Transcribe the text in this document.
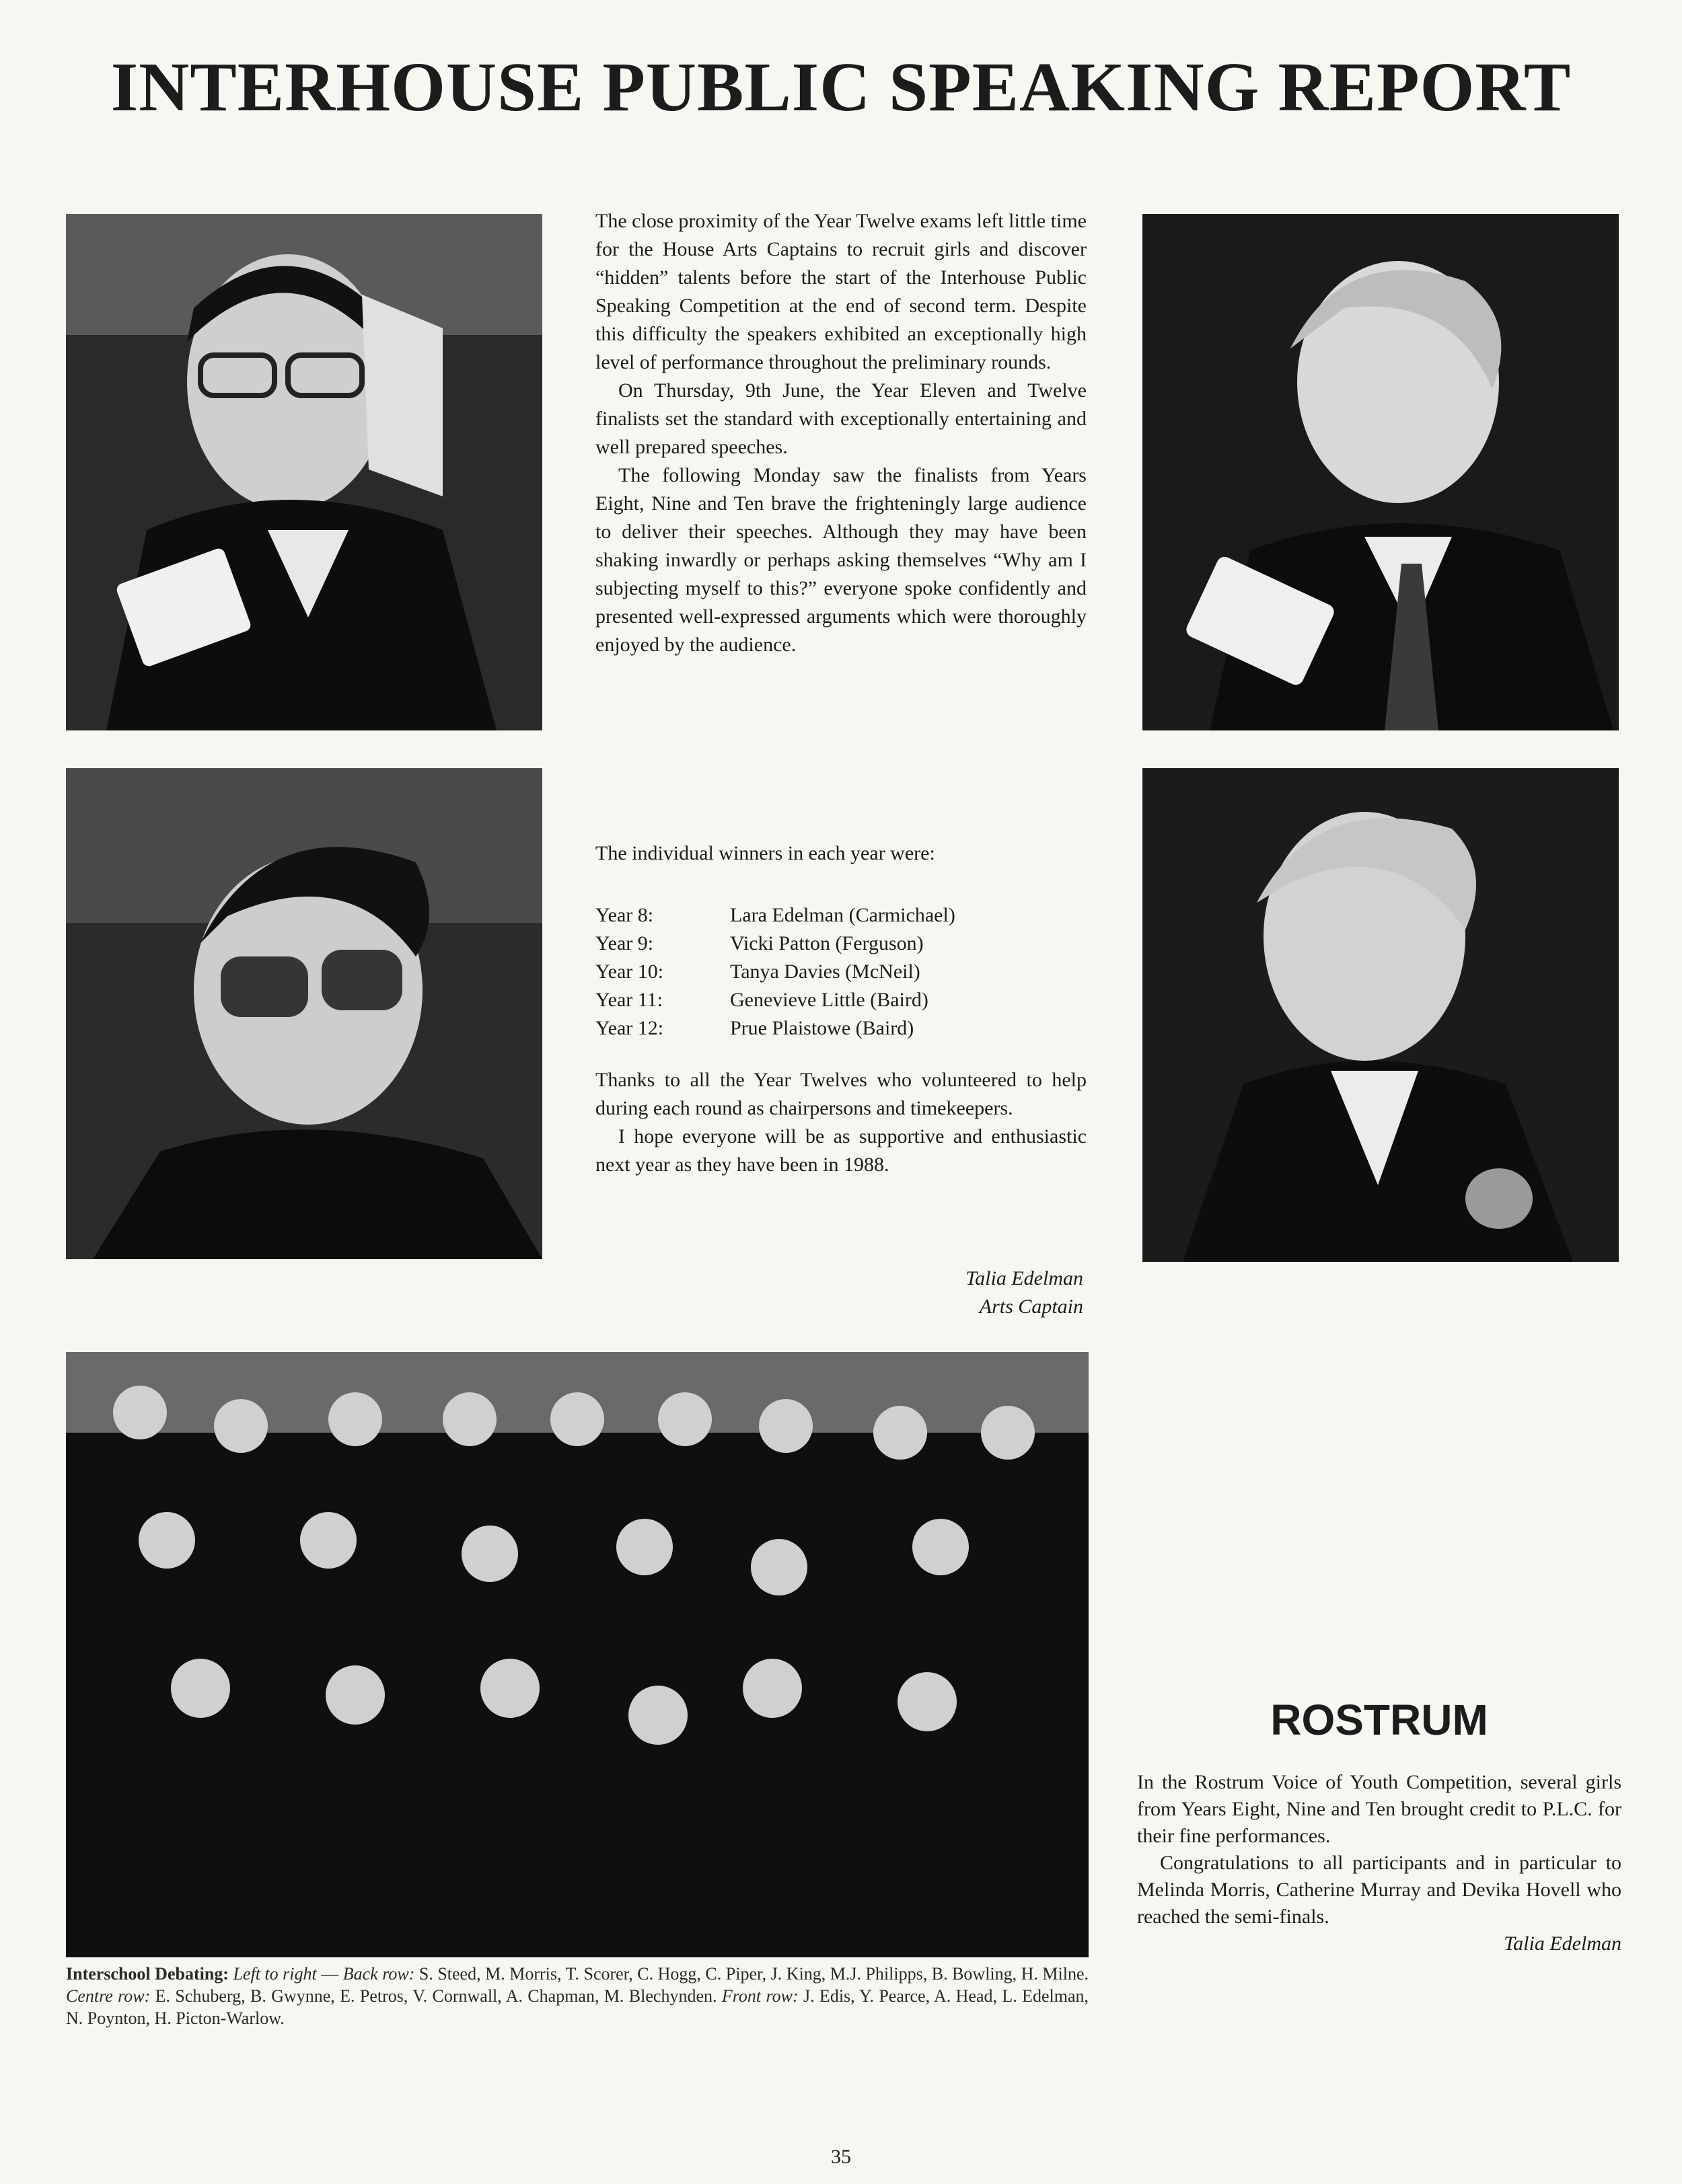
INTERHOUSE PUBLIC SPEAKING REPORT

The close proximity of the Year Twelve exams left little time for the House Arts Captains to recruit girls and discover “hidden” talents before the start of the Interhouse Public Speaking Competition at the end of second term. Despite this difficulty the speakers exhibited an exceptionally high level of performance throughout the preliminary rounds.

On Thursday, 9th June, the Year Eleven and Twelve finalists set the standard with exceptionally entertaining and well prepared speeches.

The following Monday saw the finalists from Years Eight, Nine and Ten brave the frighteningly large audience to deliver their speeches. Although they may have been shaking inwardly or perhaps asking themselves “Why am I subjecting myself to this?” everyone spoke confidently and presented well-expressed arguments which were thoroughly enjoyed by the audience.

The individual winners in each year were:
Year 8:	Lara Edelman (Carmichael)
Year 9:	Vicki Patton (Ferguson)
Year 10:	Tanya Davies (McNeil)
Year 11:	Genevieve Little (Baird)
Year 12:	Prue Plaistowe (Baird)

Thanks to all the Year Twelves who volunteered to help during each round as chairpersons and timekeepers.

I hope everyone will be as supportive and enthusiastic next year as they have been in 1988.

Talia Edelman
Arts Captain
Interschool Debating: Left to right — Back row: S. Steed, M. Morris, T. Scorer, C. Hogg, C. Piper, J. King, M.J. Philipps, B. Bowling, H. Milne. Centre row: E. Schuberg, B. Gwynne, E. Petros, V. Cornwall, A. Chapman, M. Blechynden. Front row: J. Edis, Y. Pearce, A. Head, L. Edelman, N. Poynton, H. Picton-Warlow.
ROSTRUM

In the Rostrum Voice of Youth Competition, several girls from Years Eight, Nine and Ten brought credit to P.L.C. for their fine performances.

Congratulations to all participants and in particular to Melinda Morris, Catherine Murray and Devika Hovell who reached the semi-finals.

Talia Edelman
35
